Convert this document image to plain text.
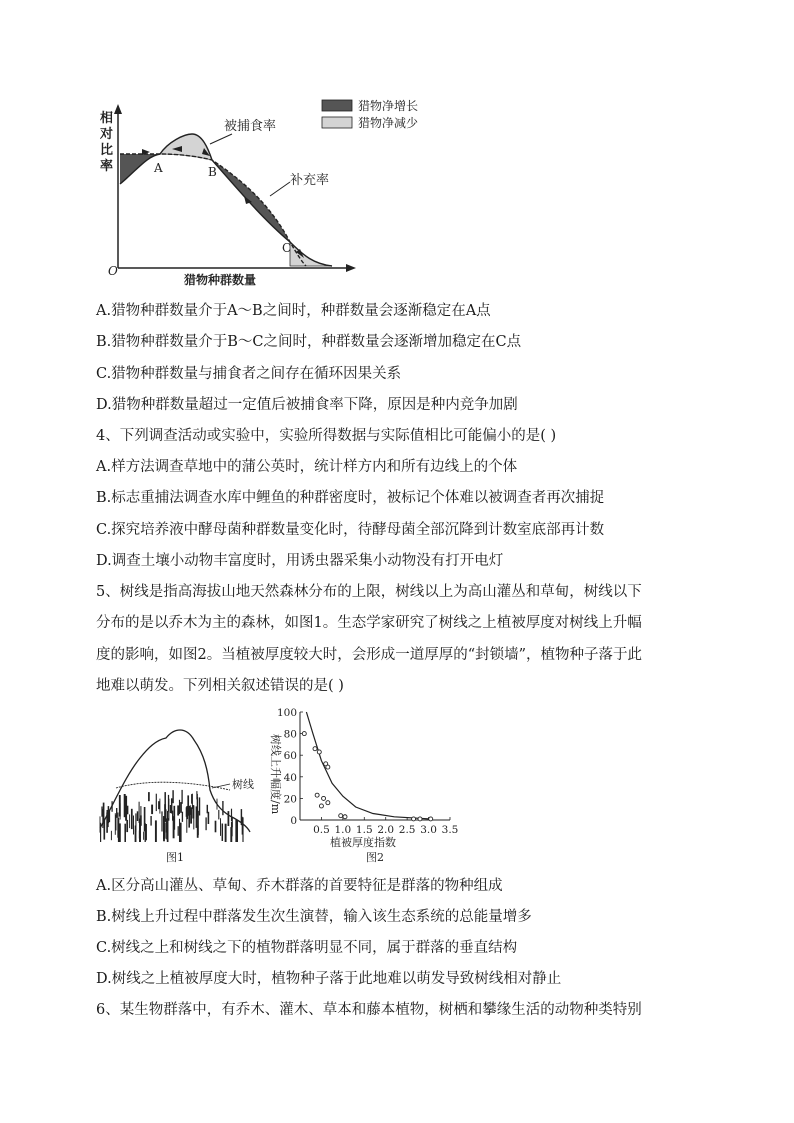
相
对
比
率
O
猎物种群数量
A	B
C
被捕食率
补充率
猎物净增长
猎物净减少
A.猎物种群数量介于A～B之间时，种群数量会逐渐稳定在A点
B.猎物种群数量介于B～C之间时，种群数量会逐渐增加稳定在C点
C.猎物种群数量与捕食者之间存在循环因果关系
D.猎物种群数量超过一定值后被捕食率下降，原因是种内竞争加剧
4、下列调查活动或实验中，实验所得数据与实际值相比可能偏小的是( )
A.样方法调查草地中的蒲公英时，统计样方内和所有边线上的个体
B.标志重捕法调查水库中鲤鱼的种群密度时，被标记个体难以被调查者再次捕捉
C.探究培养液中酵母菌种群数量变化时，待酵母菌全部沉降到计数室底部再计数
D.调查土壤小动物丰富度时，用诱虫器采集小动物没有打开电灯
5、树线是指高海拔山地天然森林分布的上限，树线以上为高山灌丛和草甸，树线以下
分布的是以乔木为主的森林，如图1。生态学家研究了树线之上植被厚度对树线上升幅
度的影响，如图2。当植被厚度较大时，会形成一道厚厚的“封锁墙”，植物种子落于此
地难以萌发。下列相关叙述错误的是( )
树线
图1
0
20
40
60
80
100
0.5 1.0 1.5 2.0 2.5 3.0 3.5
植被厚度指数
图2
树线上升幅度/m
A.区分高山灌丛、草甸、乔木群落的首要特征是群落的物种组成
B.树线上升过程中群落发生次生演替，输入该生态系统的总能量增多
C.树线之上和树线之下的植物群落明显不同，属于群落的垂直结构
D.树线之上植被厚度大时，植物种子落于此地难以萌发导致树线相对静止
6、某生物群落中，有乔木、灌木、草本和藤本植物，树栖和攀缘生活的动物种类特别
